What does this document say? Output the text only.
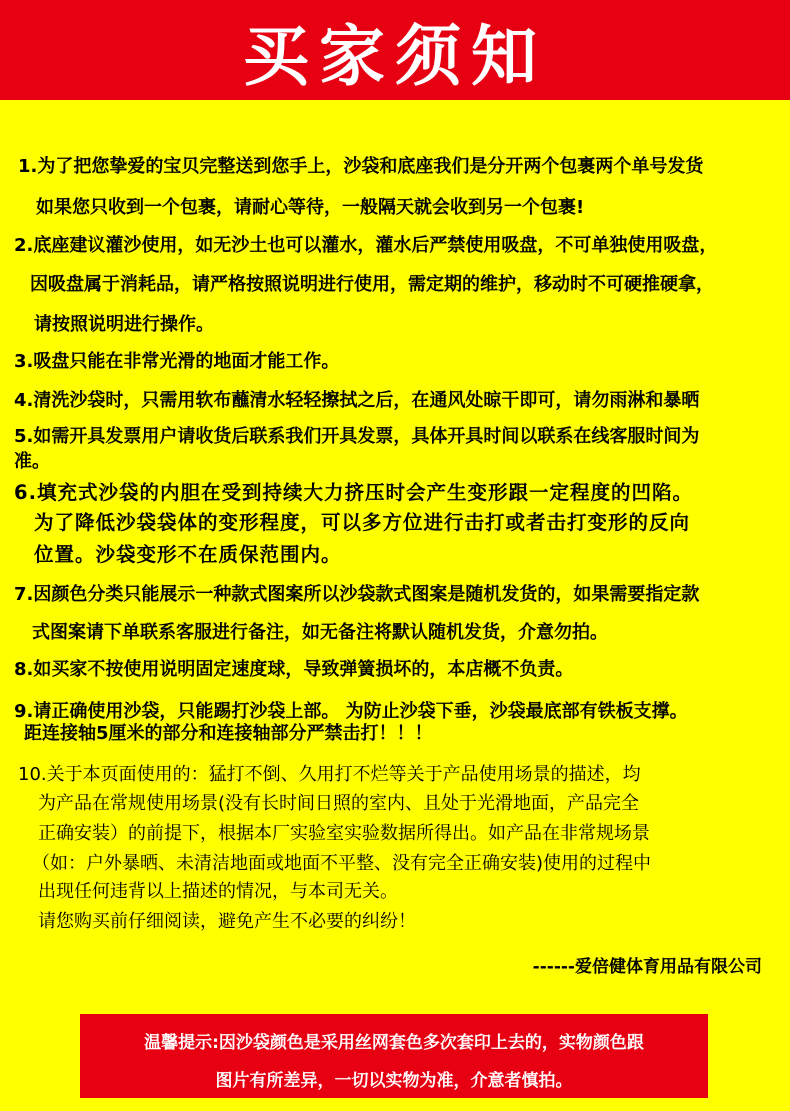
买家须知
1.为了把您挚爱的宝贝完整送到您手上，沙袋和底座我们是分开两个包裹两个单号发货
如果您只收到一个包裹，请耐心等待，一般隔天就会收到另一个包裹!
2.底座建议灌沙使用，如无沙土也可以灌水，灌水后严禁使用吸盘，不可单独使用吸盘，
因吸盘属于消耗品，请严格按照说明进行使用，需定期的维护，移动时不可硬推硬拿，
请按照说明进行操作。
3.吸盘只能在非常光滑的地面才能工作。
4.清洗沙袋时，只需用软布蘸清水轻轻擦拭之后，在通风处晾干即可，请勿雨淋和暴晒
5.如需开具发票用户请收货后联系我们开具发票，具体开具时间以联系在线客服时间为
准。
6.填充式沙袋的内胆在受到持续大力挤压时会产生变形跟一定程度的凹陷。
为了降低沙袋袋体的变形程度，可以多方位进行击打或者击打变形的反向
位置。沙袋变形不在质保范围内。
7.因颜色分类只能展示一种款式图案所以沙袋款式图案是随机发货的，如果需要指定款
式图案请下单联系客服进行备注，如无备注将默认随机发货，介意勿拍。
8.如买家不按使用说明固定速度球，导致弹簧损坏的，本店概不负责。
9.请正确使用沙袋，只能踢打沙袋上部。 为防止沙袋下垂，沙袋最底部有铁板支撑。
距连接轴5厘米的部分和连接轴部分严禁击打！！！
10.关于本页面使用的：猛打不倒、久用打不烂等关于产品使用场景的描述，均
为产品在常规使用场景(没有长时间日照的室内、且处于光滑地面，产品完全
正确安装）的前提下，根据本厂实验室实验数据所得出。如产品在非常规场景
（如：户外暴晒、未清洁地面或地面不平整、没有完全正确安装)使用的过程中
出现任何违背以上描述的情况，与本司无关。
请您购买前仔细阅读，避免产生不必要的纠纷！
------爱倍健体育用品有限公司
温馨提示:因沙袋颜色是采用丝网套色多次套印上去的，实物颜色跟
图片有所差异，一切以实物为准，介意者慎拍。
